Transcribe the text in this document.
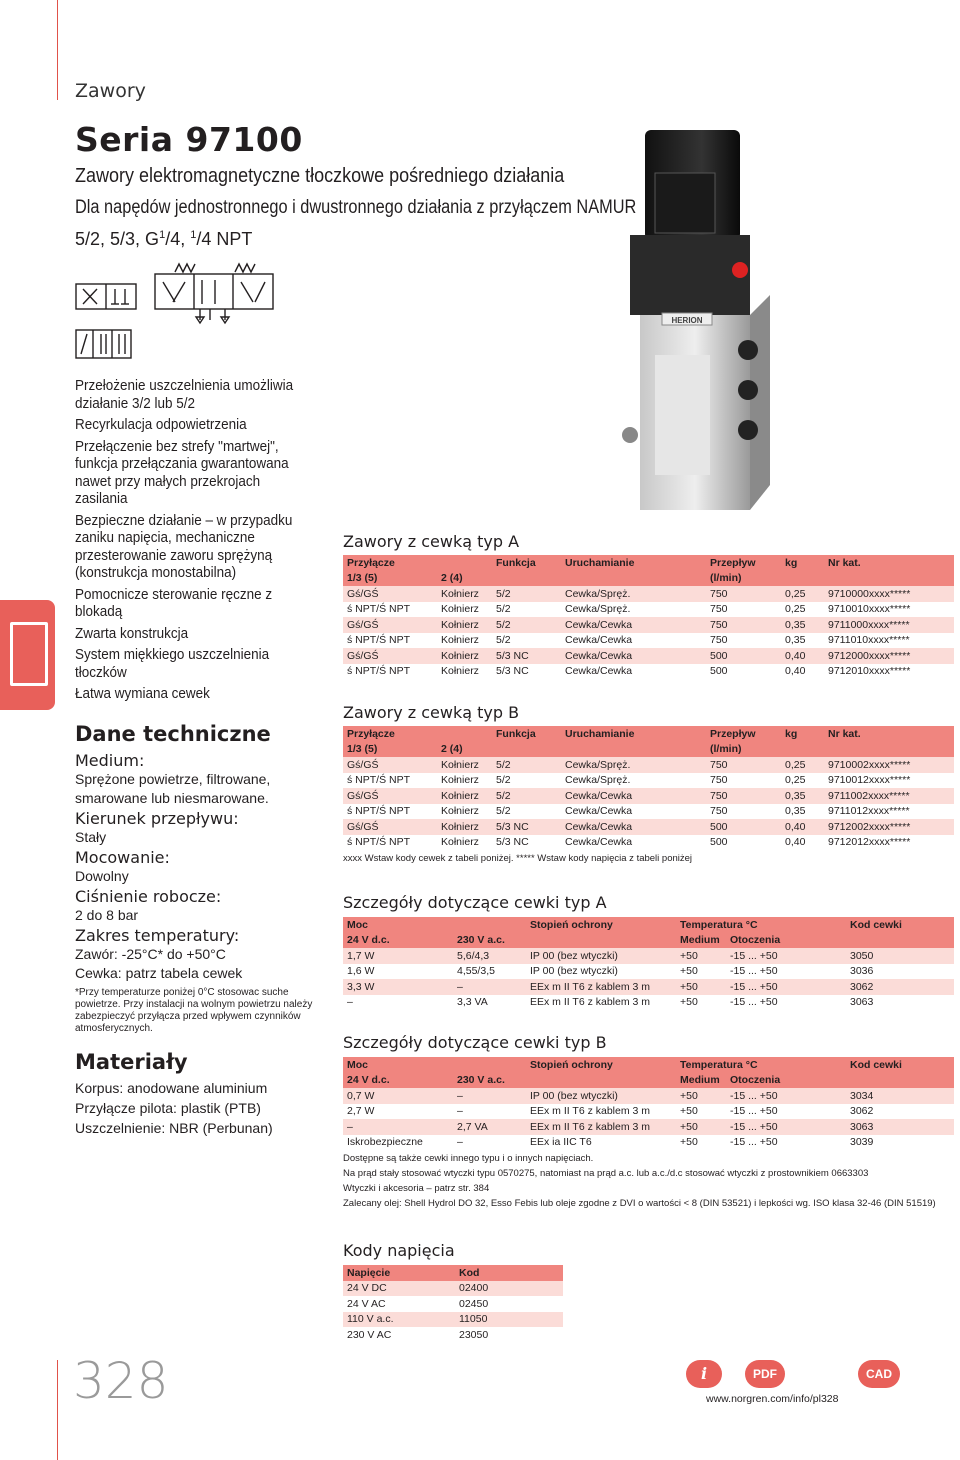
Zawory
Seria 97100
Zawory elektromagnetyczne tłoczkowe pośredniego działania
Dla napędów jednostronnego i dwustronnego działania z przyłączem NAMUR
5/2, 5/3, $G^1/4$, $^1$/4 NPT

Przełożenie uszczelnienia umożliwia

działanie 3/2 lub 5/2

Recyrkulacja odpowietrzenia

Przełączenie bez strefy "martwej",

funkcja przełączania gwarantowana

nawet przy małych przekrojach

zasilania

Bezpieczne działanie – w przypadku

zaniku napięcia, mechaniczne

przesterowanie zaworu sprężyną

(konstrukcja monostabilna)

Pomocnicze sterowanie ręczne z

blokadą

Zwarta konstrukcja

System miękkiego uszczelnienia

tłoczków

Łatwa wymiana cewek

Dane techniczne
Medium:
Sprężone powietrze, filtrowane,
smarowane lub niesmarowane.
Kierunek przepływu:
Stały
Mocowanie:
Dowolny
Ciśnienie robocze:
2 do 8 bar
Zakres temperatury:
Zawór: -25°C* do +50°C
Cewka: patrz tabela cewek
*Przy temperaturze poniżej 0°C stosowac suche powietrze. Przy instalacji na wolnym powietrzu należy zabezpieczyć przyłącza przed wpływem czynników atmosferycznych.
Materiały
Korpus: anodowane aluminium
Przyłącze pilota: plastik (PTB)
Uszczelnienie: NBR (Perbunan)
HERION
Zawory z cewką typ A
Przyłącze		Funkcja	Uruchamianie	Przepływ	kg	Nr kat.
1/3 (5)	2 (4)			(l/min)		
Gś/GŚ	Kołnierz	5/2	Cewka/Spręż.	750	0,25	9710000xxxx*****
ś NPT/Ś NPT	Kołnierz	5/2	Cewka/Spręż.	750	0,25	9710010xxxx*****
Gś/GŚ	Kołnierz	5/2	Cewka/Cewka	750	0,35	9711000xxxx*****
ś NPT/Ś NPT	Kołnierz	5/2	Cewka/Cewka	750	0,35	9711010xxxx*****
Gś/GŚ	Kołnierz	5/3 NC	Cewka/Cewka	500	0,40	9712000xxxx*****
ś NPT/Ś NPT	Kołnierz	5/3 NC	Cewka/Cewka	500	0,40	9712010xxxx*****
Zawory z cewką typ B
Przyłącze		Funkcja	Uruchamianie	Przepływ	kg	Nr kat.
1/3 (5)	2 (4)			(l/min)		
Gś/GŚ	Kołnierz	5/2	Cewka/Spręż.	750	0,25	9710002xxxx*****
ś NPT/Ś NPT	Kołnierz	5/2	Cewka/Spręż.	750	0,25	9710012xxxx*****
Gś/GŚ	Kołnierz	5/2	Cewka/Cewka	750	0,35	9711002xxxx*****
ś NPT/Ś NPT	Kołnierz	5/2	Cewka/Cewka	750	0,35	9711012xxxx*****
Gś/GŚ	Kołnierz	5/3 NC	Cewka/Cewka	500	0,40	9712002xxxx*****
ś NPT/Ś NPT	Kołnierz	5/3 NC	Cewka/Cewka	500	0,40	9712012xxxx*****
xxxx Wstaw kody cewek z tabeli poniżej. ***** Wstaw kody napięcia z tabeli poniżej
Szczegóły dotyczące cewki typ A
Moc		Stopień ochrony	Temperatura °C		Kod cewki
24 V d.c.	230 V a.c.		Medium	Otoczenia	
1,7 W	5,6/4,3	IP 00 (bez wtyczki)	+50	-15 ... +50	3050
1,6 W	4,55/3,5	IP 00 (bez wtyczki)	+50	-15 ... +50	3036
3,3 W	–	EEx m II T6 z kablem 3 m	+50	-15 ... +50	3062
–	3,3 VA	EEx m II T6 z kablem 3 m	+50	-15 ... +50	3063
Szczegóły dotyczące cewki typ B
Moc		Stopień ochrony	Temperatura °C		Kod cewki
24 V d.c.	230 V a.c.		Medium	Otoczenia	
0,7 W	–	IP 00 (bez wtyczki)	+50	-15 ... +50	3034
2,7 W	–	EEx m II T6 z kablem 3 m	+50	-15 ... +50	3062
–	2,7 VA	EEx m II T6 z kablem 3 m	+50	-15 ... +50	3063
Iskrobezpieczne	–	EEx ia IIC T6	+50	-15 ... +50	3039
Dostępne są także cewki innego typu i o innych napięciach.
Na prąd stały stosować wtyczki typu 0570275, natomiast na prąd a.c. lub a.c./d.c stosować wtyczki z prostownikiem 0663303
Wtyczki i akcesoria – patrz str. 384
Zalecany olej: Shell Hydrol DO 32, Esso Febis lub oleje zgodne z DVI o wartości < 8 (DIN 53521) i lepkości wg. ISO klasa 32-46 (DIN 51519)
Kody napięcia
Napięcie	Kod
24 V DC	02400
24 V AC	02450
110 V a.c.	11050
230 V AC	23050
328	i	PDF	CAD
www.norgren.com/info/pl328
